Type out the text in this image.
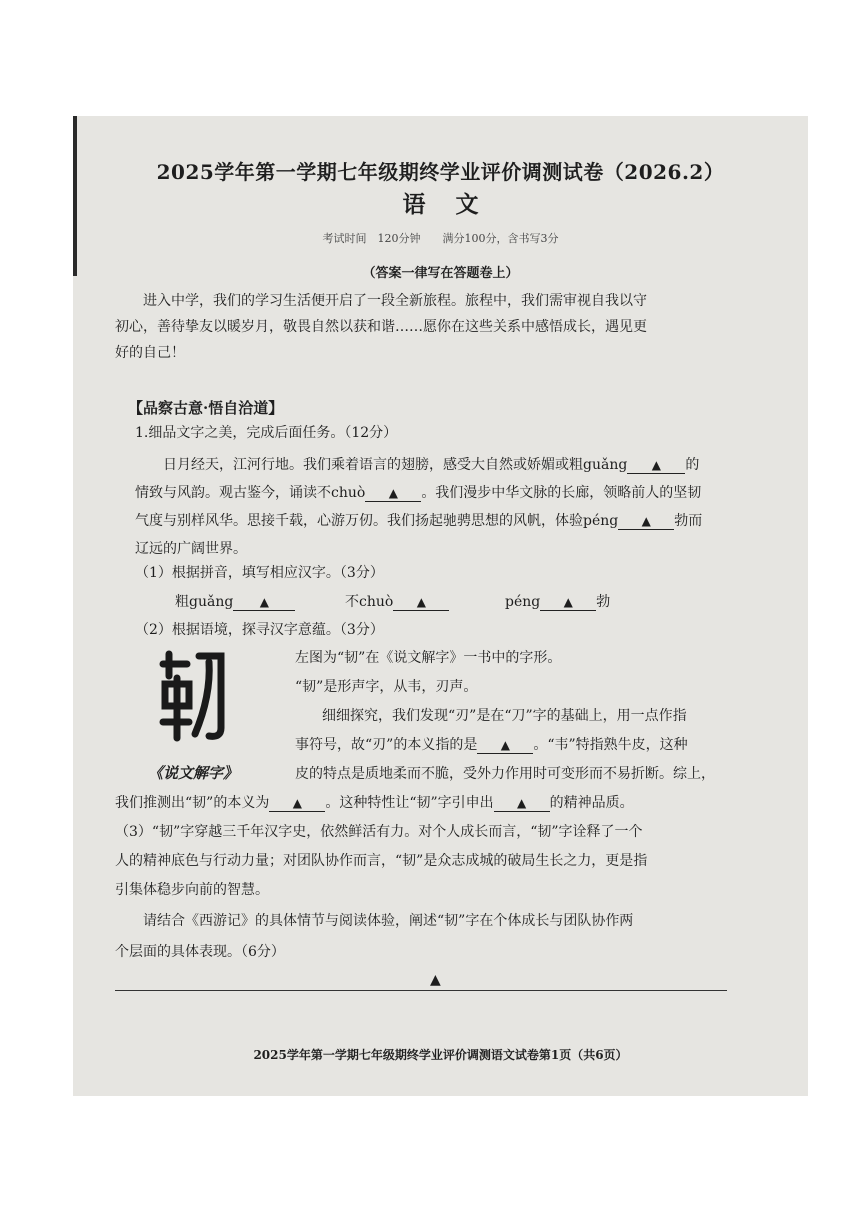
2025学年第一学期七年级期终学业评价调测试卷（2026.2）
语文
考试时间　120分钟　　满分100分，含书写3分
（答案一律写在答题卷上）
进入中学，我们的学习生活便开启了一段全新旅程。旅程中，我们需审视自我以守
初心，善待挚友以暖岁月，敬畏自然以获和谐……愿你在这些关系中感悟成长，遇见更
好的自己！
【品察古意·悟自洽道】
1.细品文字之美，完成后面任务。（12分）
日月经天，江河行地。我们乘着语言的翅膀，感受大自然或娇媚或粗guǎng ▲ 的
情致与风韵。观古鉴今，诵读不chuò ▲ 。我们漫步中华文脉的长廊，领略前人的坚韧
气度与别样风华。思接千载，心游万仞。我们扬起驰骋思想的风帆，体验péng ▲ 勃而
辽远的广阔世界。
（1）根据拼音，填写相应汉字。（3分）
粗guǎng ▲	不chuò ▲	péng ▲ 勃
（2）根据语境，探寻汉字意蕴。（3分）
《说文解字》
左图为“韧”在《说文解字》一书中的字形。
“韧”是形声字，从韦，刃声。
细细探究，我们发现“刃”是在“刀”字的基础上，用一点作指
事符号，故“刃”的本义指的是 ▲ 。“韦”特指熟牛皮，这种
皮的特点是质地柔而不脆，受外力作用时可变形而不易折断。综上，
我们推测出“韧”的本义为 ▲ 。这种特性让“韧”字引申出 ▲ 的精神品质。
（3）“韧”字穿越三千年汉字史，依然鲜活有力。对个人成长而言，“韧”字诠释了一个
人的精神底色与行动力量；对团队协作而言，“韧”是众志成城的破局生长之力，更是指
引集体稳步向前的智慧。
请结合《西游记》的具体情节与阅读体验，阐述“韧”字在个体成长与团队协作两
个层面的具体表现。（6分）
▲
2025学年第一学期七年级期终学业评价调测语文试卷第1页（共6页）
